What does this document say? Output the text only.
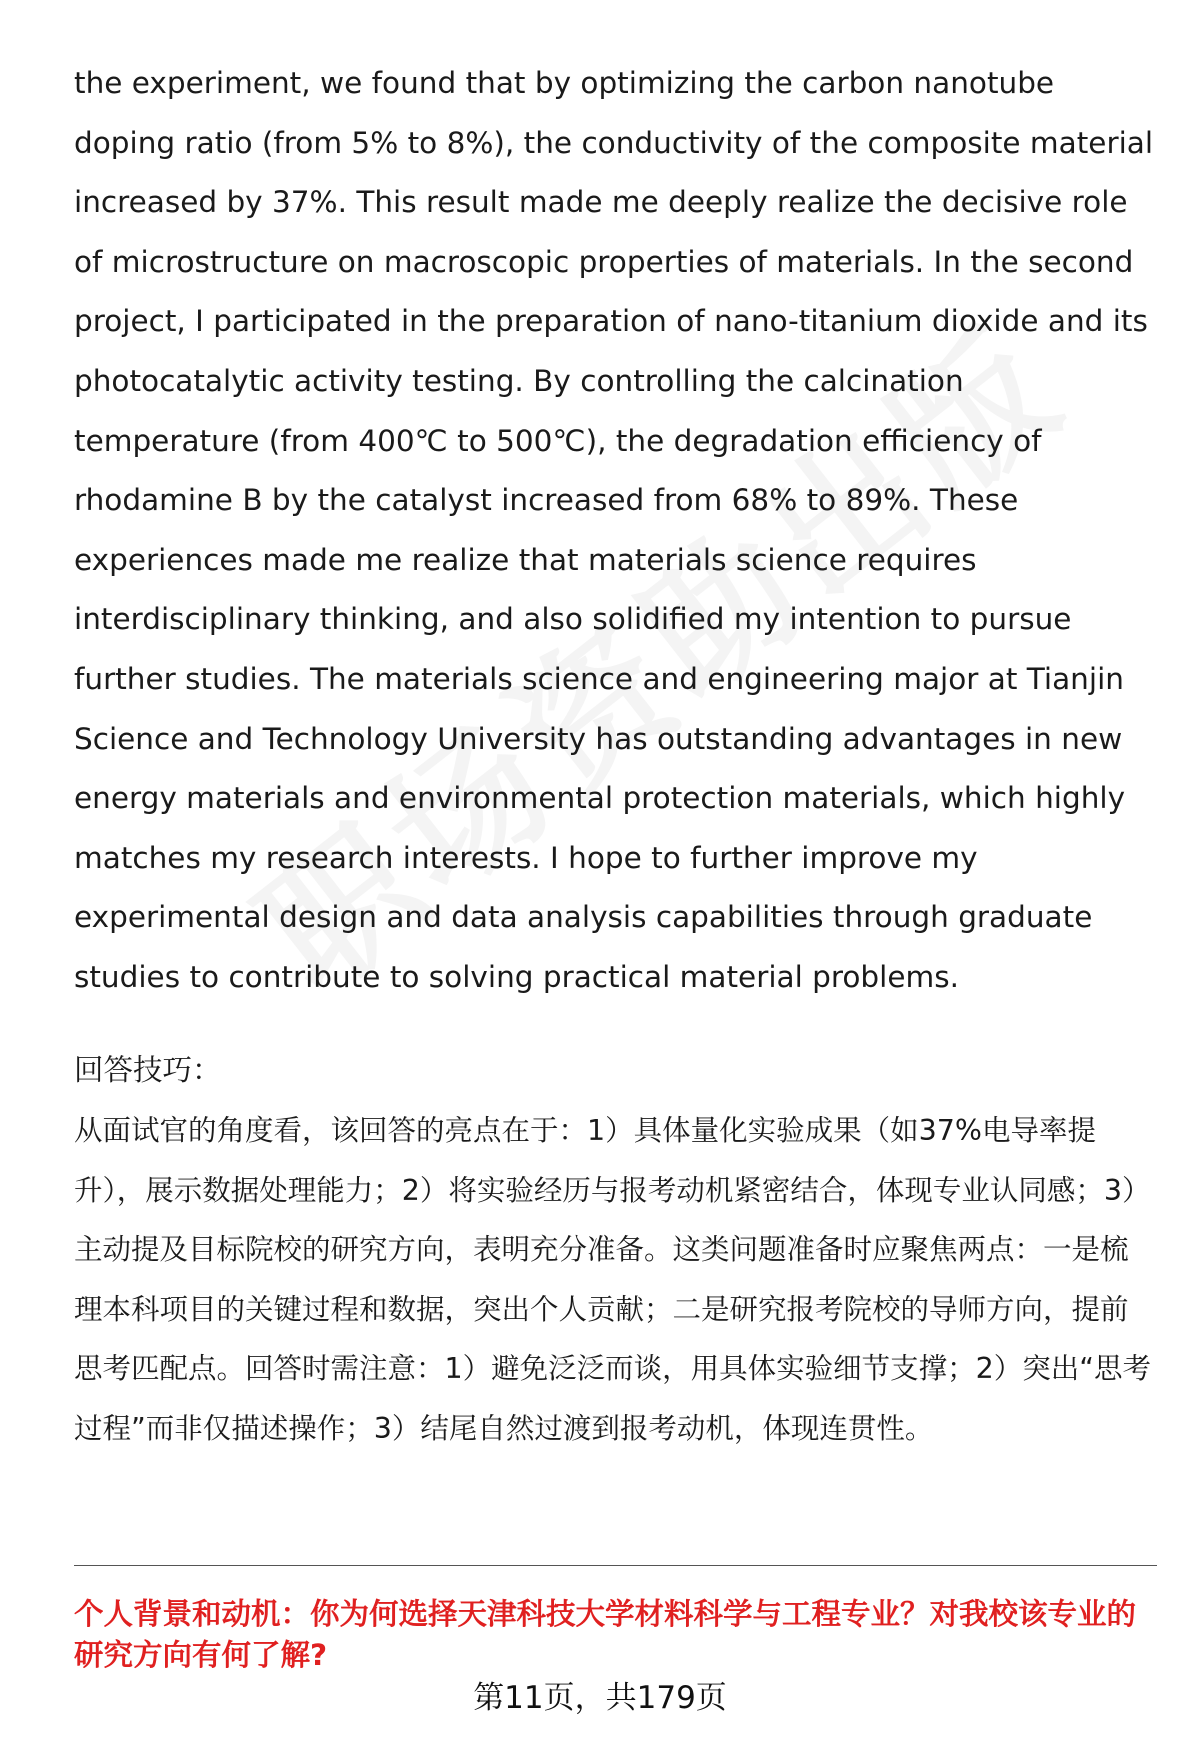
the experiment, we found that by optimizing the carbon nanotube doping ratio (from 5% to 8%), the conductivity of the composite material increased by 37%. This result made me deeply realize the decisive role of microstructure on macroscopic properties of materials. In the second project, I participated in the preparation of nano-titanium dioxide and its photocatalytic activity testing. By controlling the calcination temperature (from 400℃ to 500℃), the degradation efficiency of rhodamine B by the catalyst increased from 68% to 89%. These experiences made me realize that materials science requires interdisciplinary thinking, and also solidified my intention to pursue further studies. The materials science and engineering major at Tianjin Science and Technology University has outstanding advantages in new energy materials and environmental protection materials, which highly matches my research interests. I hope to further improve my experimental design and data analysis capabilities through graduate studies to contribute to solving practical material problems.

回答技巧：

从面试官的角度看，该回答的亮点在于：1）具体量化实验成果（如37%电导率提升），展示数据处理能力；2）将实验经历与报考动机紧密结合，体现专业认同感；3）主动提及目标院校的研究方向，表明充分准备。这类问题准备时应聚焦两点：一是梳理本科项目的关键过程和数据，突出个人贡献；二是研究报考院校的导师方向，提前思考匹配点。回答时需注意：1）避免泛泛而谈，用具体实验细节支撑；2）突出“思考过程”而非仅描述操作；3）结尾自然过渡到报考动机，体现连贯性。

个人背景和动机：你为何选择天津科技大学材料科学与工程专业？对我校该专业的研究方向有何了解?

第11页，共179页
